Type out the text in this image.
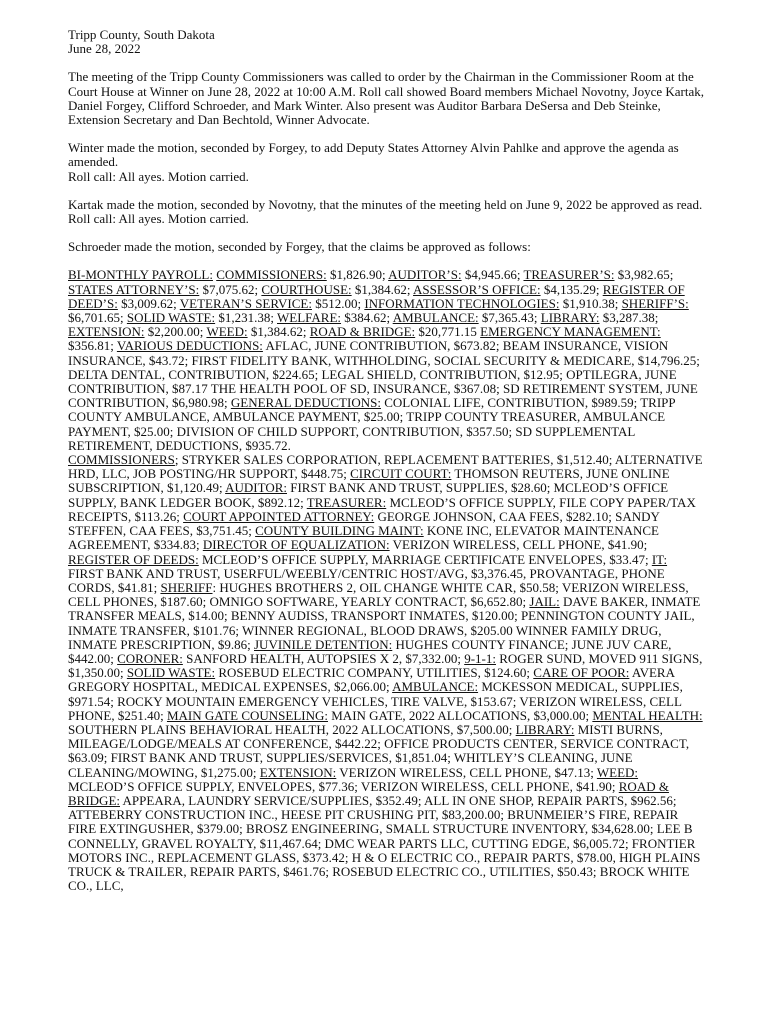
Tripp County, South Dakota

June 28, 2022

The meeting of the Tripp County Commissioners was called to order by the Chairman in the Commissioner Room at the Court House at Winner on June 28, 2022 at 10:00 A.M. Roll call showed Board members Michael Novotny, Joyce Kartak, Daniel Forgey, Clifford Schroeder, and Mark Winter. Also present was Auditor Barbara DeSersa and Deb Steinke, Extension Secretary and Dan Bechtold, Winner Advocate.

Winter made the motion, seconded by Forgey, to add Deputy States Attorney Alvin Pahlke and approve the agenda as amended.
Roll call: All ayes. Motion carried.

Kartak made the motion, seconded by Novotny, that the minutes of the meeting held on June 9, 2022 be approved as read.
Roll call: All ayes. Motion carried.

Schroeder made the motion, seconded by Forgey, that the claims be approved as follows:

BI-MONTHLY PAYROLL: COMMISSIONERS: $1,826.90; AUDITOR’S: $4,945.66; TREASURER’S: $3,982.65; STATES ATTORNEY’S: $7,075.62; COURTHOUSE: $1,384.62; ASSESSOR’S OFFICE: $4,135.29; REGISTER OF DEED’S: $3,009.62; VETERAN’S SERVICE: $512.00; INFORMATION TECHNOLOGIES: $1,910.38; SHERIFF’S: $6,701.65; SOLID WASTE: $1,231.38; WELFARE: $384.62; AMBULANCE: $7,365.43; LIBRARY: $3,287.38; EXTENSION: $2,200.00; WEED: $1,384.62; ROAD & BRIDGE: $20,771.15 EMERGENCY MANAGEMENT: $356.81; VARIOUS DEDUCTIONS: AFLAC, JUNE CONTRIBUTION, $673.82; BEAM INSURANCE, VISION INSURANCE, $43.72; FIRST FIDELITY BANK, WITHHOLDING, SOCIAL SECURITY & MEDICARE, $14,796.25; DELTA DENTAL, CONTRIBUTION, $224.65; LEGAL SHIELD, CONTRIBUTION, $12.95; OPTILEGRA, JUNE CONTRIBUTION, $87.17 THE HEALTH POOL OF SD, INSURANCE, $367.08; SD RETIREMENT SYSTEM, JUNE CONTRIBUTION, $6,980.98; GENERAL DEDUCTIONS: COLONIAL LIFE, CONTRIBUTION, $989.59; TRIPP COUNTY AMBULANCE, AMBULANCE PAYMENT, $25.00; TRIPP COUNTY TREASURER, AMBULANCE PAYMENT, $25.00; DIVISION OF CHILD SUPPORT, CONTRIBUTION, $357.50; SD SUPPLEMENTAL RETIREMENT, DEDUCTIONS, $935.72.
COMMISSIONERS; STRYKER SALES CORPORATION, REPLACEMENT BATTERIES, $1,512.40; ALTERNATIVE HRD, LLC, JOB POSTING/HR SUPPORT, $448.75; CIRCUIT COURT: THOMSON REUTERS, JUNE ONLINE SUBSCRIPTION, $1,120.49; AUDITOR: FIRST BANK AND TRUST, SUPPLIES, $28.60; MCLEOD’S OFFICE SUPPLY, BANK LEDGER BOOK, $892.12; TREASURER: MCLEOD’S OFFICE SUPPLY, FILE COPY PAPER/TAX RECEIPTS, $113.26; COURT APPOINTED ATTORNEY: GEORGE JOHNSON, CAA FEES, $282.10; SANDY STEFFEN, CAA FEES, $3,751.45; COUNTY BUILDING MAINT: KONE INC, ELEVATOR MAINTENANCE AGREEMENT, $334.83; DIRECTOR OF EQUALIZATION: VERIZON WIRELESS, CELL PHONE, $41.90; REGISTER OF DEEDS: MCLEOD’S OFFICE SUPPLY, MARRIAGE CERTIFICATE ENVELOPES, $33.47; IT: FIRST BANK AND TRUST, USERFUL/WEEBLY/CENTRIC HOST/AVG, $3,376.45, PROVANTAGE, PHONE CORDS, $41.81; SHERIFF: HUGHES BROTHERS 2, OIL CHANGE WHITE CAR, $50.58; VERIZON WIRELESS, CELL PHONES, $187.60; OMNIGO SOFTWARE, YEARLY CONTRACT, $6,652.80; JAIL: DAVE BAKER, INMATE TRANSFER MEALS, $14.00; BENNY AUDISS, TRANSPORT INMATES, $120.00; PENNINGTON COUNTY JAIL, INMATE TRANSFER, $101.76; WINNER REGIONAL, BLOOD DRAWS, $205.00 WINNER FAMILY DRUG, INMATE PRESCRIPTION, $9.86; JUVINILE DETENTION: HUGHES COUNTY FINANCE; JUNE JUV CARE, $442.00; CORONER: SANFORD HEALTH, AUTOPSIES X 2, $7,332.00; 9-1-1: ROGER SUND, MOVED 911 SIGNS, $1,350.00; SOLID WASTE: ROSEBUD ELECTRIC COMPANY, UTILITIES, $124.60; CARE OF POOR: AVERA GREGORY HOSPITAL, MEDICAL EXPENSES, $2,066.00; AMBULANCE: MCKESSON MEDICAL, SUPPLIES, $971.54; ROCKY MOUNTAIN EMERGENCY VEHICLES, TIRE VALVE, $153.67; VERIZON WIRELESS, CELL PHONE, $251.40; MAIN GATE COUNSELING: MAIN GATE, 2022 ALLOCATIONS, $3,000.00; MENTAL HEALTH: SOUTHERN PLAINS BEHAVIORAL HEALTH, 2022 ALLOCATIONS, $7,500.00; LIBRARY: MISTI BURNS, MILEAGE/LODGE/MEALS AT CONFERENCE, $442.22; OFFICE PRODUCTS CENTER, SERVICE CONTRACT, $63.09; FIRST BANK AND TRUST, SUPPLIES/SERVICES, $1,851.04; WHITLEY’S CLEANING, JUNE CLEANING/MOWING, $1,275.00; EXTENSION: VERIZON WIRELESS, CELL PHONE, $47.13; WEED: MCLEOD’S OFFICE SUPPLY, ENVELOPES, $77.36; VERIZON WIRELESS, CELL PHONE, $41.90; ROAD & BRIDGE: APPEARA, LAUNDRY SERVICE/SUPPLIES, $352.49; ALL IN ONE SHOP, REPAIR PARTS, $962.56; ATTEBERRY CONSTRUCTION INC., HEESE PIT CRUSHING PIT, $83,200.00; BRUNMEIER’S FIRE, REPAIR FIRE EXTINGUSHER, $379.00; BROSZ ENGINEERING, SMALL STRUCTURE INVENTORY, $34,628.00; LEE B CONNELLY, GRAVEL ROYALTY, $11,467.64; DMC WEAR PARTS LLC, CUTTING EDGE, $6,005.72; FRONTIER MOTORS INC., REPLACEMENT GLASS, $373.42; H & O ELECTRIC CO., REPAIR PARTS, $78.00, HIGH PLAINS TRUCK & TRAILER, REPAIR PARTS, $461.76; ROSEBUD ELECTRIC CO., UTILITIES, $50.43; BROCK WHITE CO., LLC,
